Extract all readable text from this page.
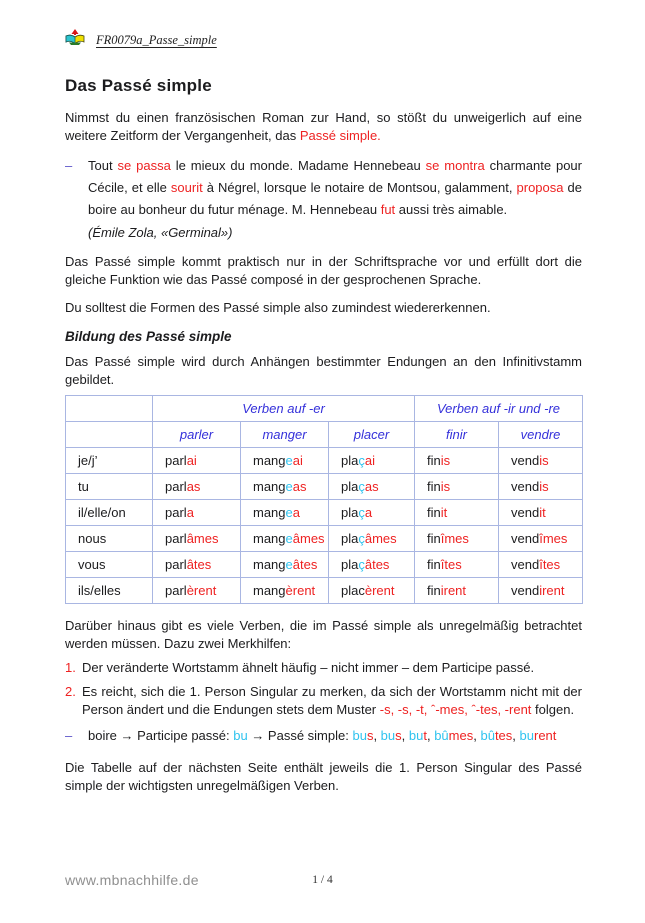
FR0079a_Passe_simple
Das Passé simple

Nimmst du einen französischen Roman zur Hand, so stößt du unweigerlich auf eine weitere Zeitform der Vergangenheit, das Passé simple.

–	Tout se passa le mieux du monde. Madame Hennebeau se montra charmante pour Cécile, et elle sourit à Négrel, lorsque le notaire de Montsou, galamment, proposa de boire au bonheur du futur ménage. M. Hennebeau fut aussi très aimable.

(Émile Zola, «Germinal»)

Das Passé simple kommt praktisch nur in der Schriftsprache vor und erfüllt dort die gleiche Funktion wie das Passé composé in der gesprochenen Sprache.

Du solltest die Formen des Passé simple also zumindest wiedererkennen.

Bildung des Passé simple

Das Passé simple wird durch Anhängen bestimmter Endungen an den Infinitivstamm gebildet.

	Verben auf -er			Verben auf -ir und -re	
	parler	manger	placer	finir	vendre
je/j’	parlai	mangeai	plaçai	finis	vendis
tu	parlas	mangeas	plaças	finis	vendis
il/elle/on	parla	mangea	plaça	finit	vendit
nous	parlâmes	mangeâmes	plaçâmes	finîmes	vendîmes
vous	parlâtes	mangeâtes	plaçâtes	finîtes	vendîtes
ils/elles	parlèrent	mangèrent	placèrent	finirent	vendirent

Darüber hinaus gibt es viele Verben, die im Passé simple als unregelmäßig betrachtet werden müssen. Dazu zwei Merkhilfen:

1. Der veränderte Wortstamm ähnelt häufig – nicht immer – dem Participe passé.

2. Es reicht, sich die 1. Person Singular zu merken, da sich der Wortstamm nicht mit der Person ändert und die Endungen stets dem Muster -s, -s, -t, ˆ-mes, ˆ-tes, -rent folgen.

–	boire → Participe passé: bu → Passé simple: bus, bus, but, bûmes, bûtes, burent

Die Tabelle auf der nächsten Seite enthält jeweils die 1. Person Singular des Passé simple der wichtigsten unregelmäßigen Verben.

www.mbnachhilfe.de	1 / 4
